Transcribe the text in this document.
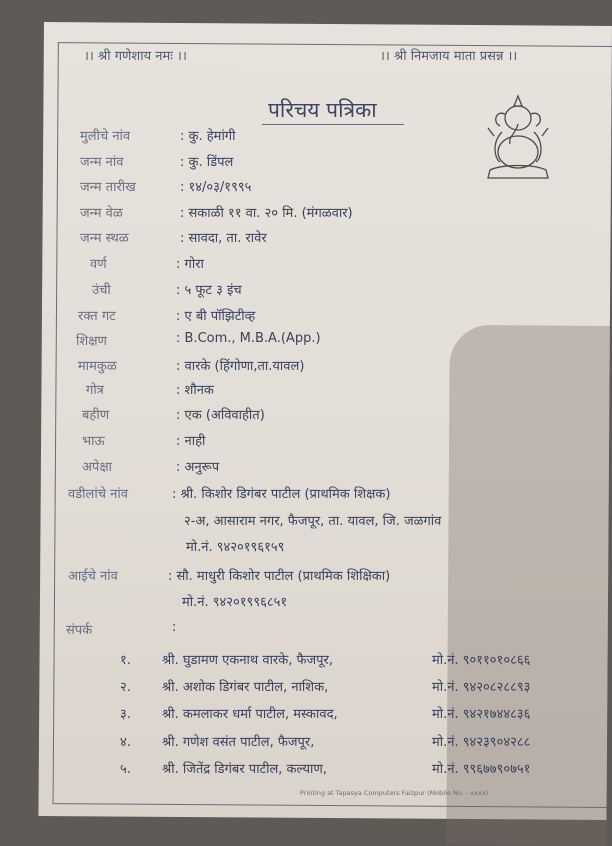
।। श्री गणेशाय नमः ।।	।। श्री निमजाय माता प्रसन्न ।।
परिचय पत्रिका
मुलीचे नांव	: कु. हेमांगी
जन्म नांव	: कु. डिंपल
जन्म तारीख	: १४/०३/१९९५
जन्म वेळ	: सकाळी ११ वा. २० मि. (मंगळवार)
जन्म स्थळ	: सावदा, ता. रावेर
वर्ण	: गोरा
उंची	: ५ फूट ३ इंच
रक्त गट	: ए बी पॉझिटीव्ह
शिक्षण	: B.Com., M.B.A.(App.)
मामकुळ	: वारके (हिंगोणा,ता.यावल)
गोत्र	: शौनक
बहीण	: एक (अविवाहीत)
भाऊ	: नाही
अपेक्षा	: अनुरूप
वडीलांचे नांव	: श्री. किशोर डिगंबर पाटील (प्राथमिक शिक्षक)
२-अ, आसाराम नगर, फैजपूर, ता. यावल, जि. जळगांव
मो.नं. ९४२०१९६१५९
आईचे नांव	: सौ. माधुरी किशोर पाटील (प्राथमिक शिक्षिका)
मो.नं. ९४२०१९९६८५१
संपर्क	:
१. श्री. घुडामण एकनाथ वारके, फैजपूर,	मो.नं. ९०११०१०८६६
२. श्री. अशोक डिगंबर पाटील, नाशिक,	मो.नं. ९४२०८२८८९३
३. श्री. कमलाकर धर्मा पाटील, मस्कावद,	मो.नं. ९४२१७४४८३६
४. श्री. गणेश वसंत पाटील, फैजपूर,	मो.नं. ९४२३९०४२८८
५. श्री. जितेंद्र डिगंबर पाटील, कल्याण,	मो.नं. ९९६७७९०७५१
Printing at Tapasya Computers Faizpur (Mobile No. - xxxx)
